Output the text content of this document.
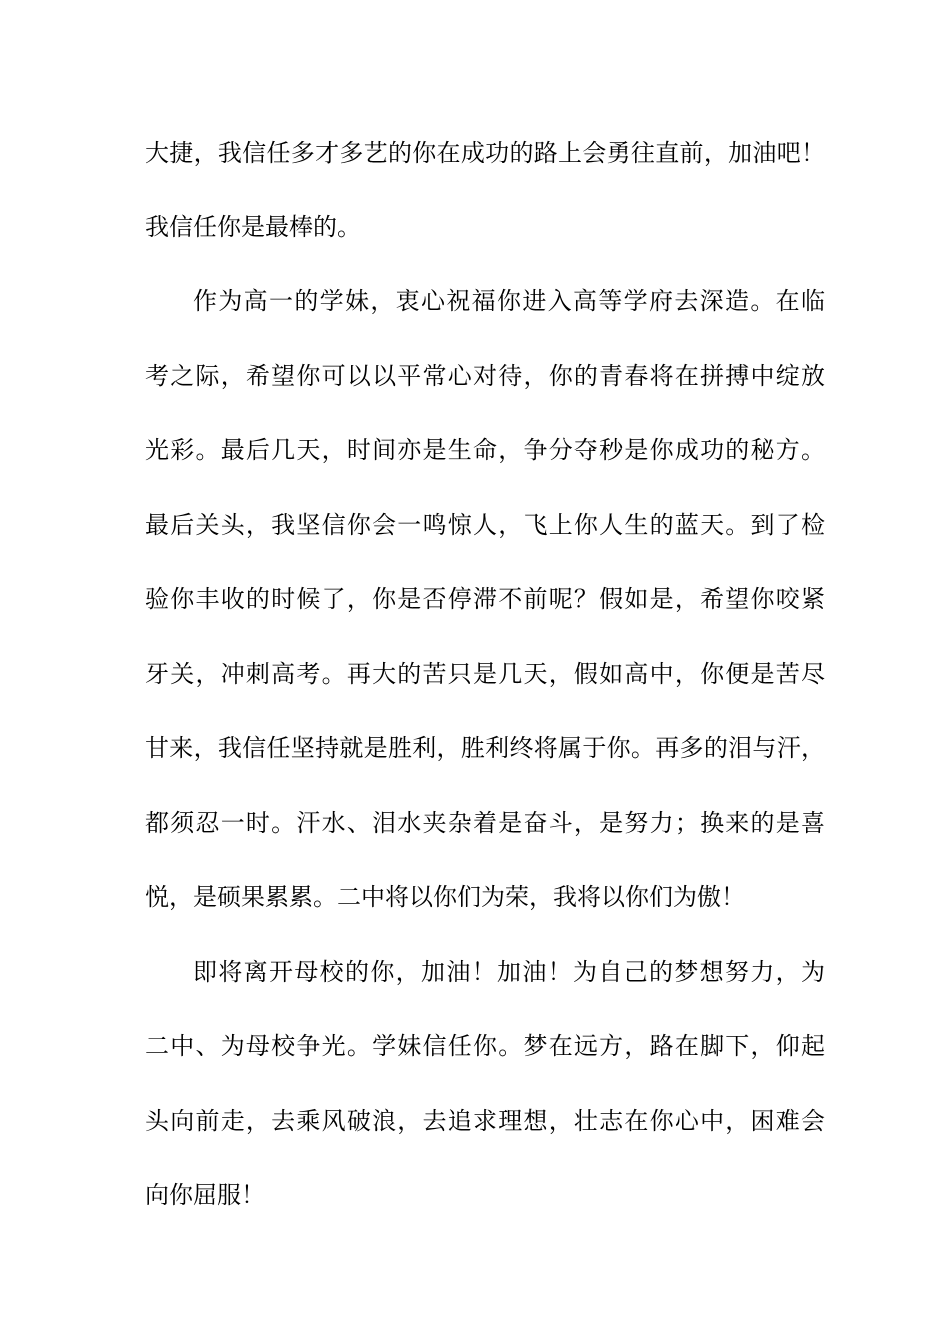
大捷，我信任多才多艺的你在成功的路上会勇往直前，加油吧！
我信任你是最棒的。
作为高一的学妹，衷心祝福你进入高等学府去深造。在临
考之际，希望你可以以平常心对待，你的青春将在拼搏中绽放
光彩。最后几天，时间亦是生命，争分夺秒是你成功的秘方。
最后关头，我坚信你会一鸣惊人，飞上你人生的蓝天。到了检
验你丰收的时候了，你是否停滞不前呢？假如是，希望你咬紧
牙关，冲刺高考。再大的苦只是几天，假如高中，你便是苦尽
甘来，我信任坚持就是胜利，胜利终将属于你。再多的泪与汗，
都须忍一时。汗水、泪水夹杂着是奋斗，是努力；换来的是喜
悦，是硕果累累。二中将以你们为荣，我将以你们为傲！
即将离开母校的你，加油！加油！为自己的梦想努力，为
二中、为母校争光。学妹信任你。梦在远方，路在脚下，仰起
头向前走，去乘风破浪，去追求理想，壮志在你心中，困难会
向你屈服！
